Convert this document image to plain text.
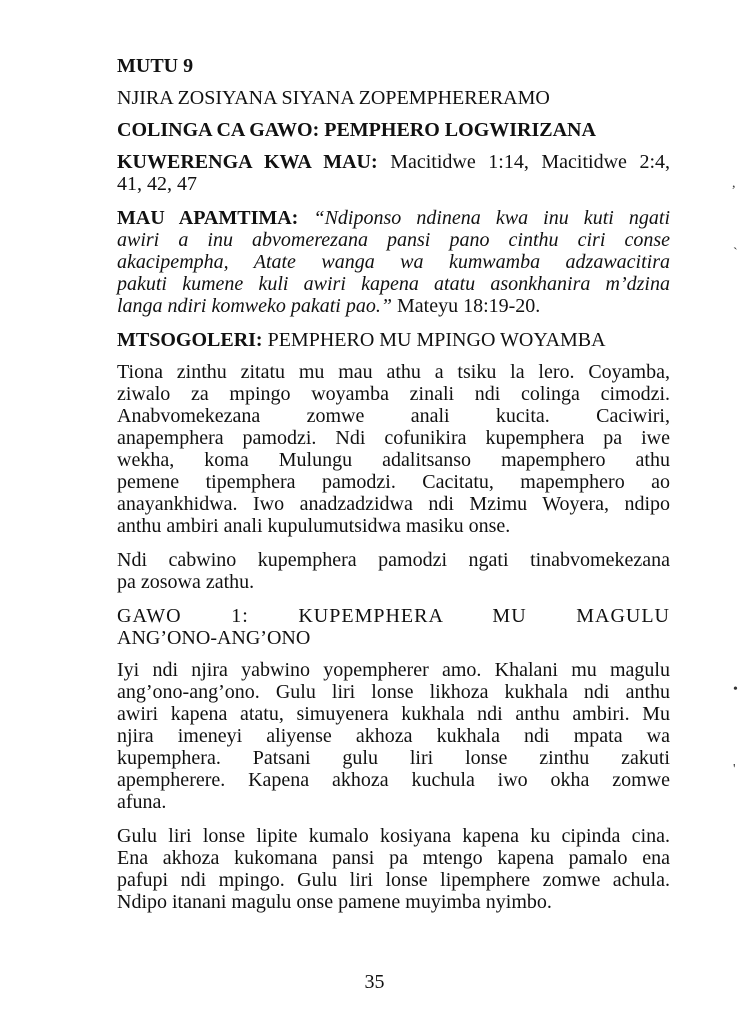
MUTU 9
NJIRA ZOSIYANA SIYANA ZOPEMPHERERAMO
COLINGA CA GAWO: PEMPHERO LOGWIRIZANA
KUWERENGA KWA MAU: Macitidwe 1:14, Macitidwe 2:4,
41, 42, 47
MAU APAMTIMA: “Ndiponso ndinena kwa inu kuti ngati
awiri a inu abvomerezana pansi pano cinthu ciri conse
akacipempha, Atate wanga wa kumwamba adzawacitira
pakuti kumene kuli awiri kapena atatu asonkhanira m’dzina
langa ndiri komweko pakati pao.” Mateyu 18:19-20.
MTSOGOLERI: PEMPHERO MU MPINGO WOYAMBA
Tiona zinthu zitatu mu mau athu a tsiku la lero. Coyamba,
ziwalo za mpingo woyamba zinali ndi colinga cimodzi.
Anabvomekezana zomwe anali kucita. Caciwiri,
anapemphera pamodzi. Ndi cofunikira kupemphera pa iwe
wekha, koma Mulungu adalitsanso mapemphero athu
pemene tipemphera pamodzi. Cacitatu, mapemphero ao
anayankhidwa. Iwo anadzadzidwa ndi Mzimu Woyera, ndipo
anthu ambiri anali kupulumutsidwa masiku onse.
Ndi cabwino kupemphera pamodzi ngati tinabvomekezana
pa zosowa zathu.
GAWO 1: KUPEMPHERA MU MAGULU
ANG’ONO-ANG’ONO
Iyi ndi njira yabwino yopempherer amo. Khalani mu magulu
ang’ono-ang’ono. Gulu liri lonse likhoza kukhala ndi anthu
awiri kapena atatu, simuyenera kukhala ndi anthu ambiri. Mu
njira imeneyi aliyense akhoza kukhala ndi mpata wa
kupemphera. Patsani gulu liri lonse zinthu zakuti
apempherere. Kapena akhoza kuchula iwo okha zomwe
afuna.
Gulu liri lonse lipite kumalo kosiyana kapena ku cipinda cina.
Ena akhoza kukomana pansi pa mtengo kapena pamalo ena
pafupi ndi mpingo. Gulu liri lonse lipemphere zomwe achula.
Ndipo itanani magulu onse pamene muyimba nyimbo.
,
`
•
'
35
